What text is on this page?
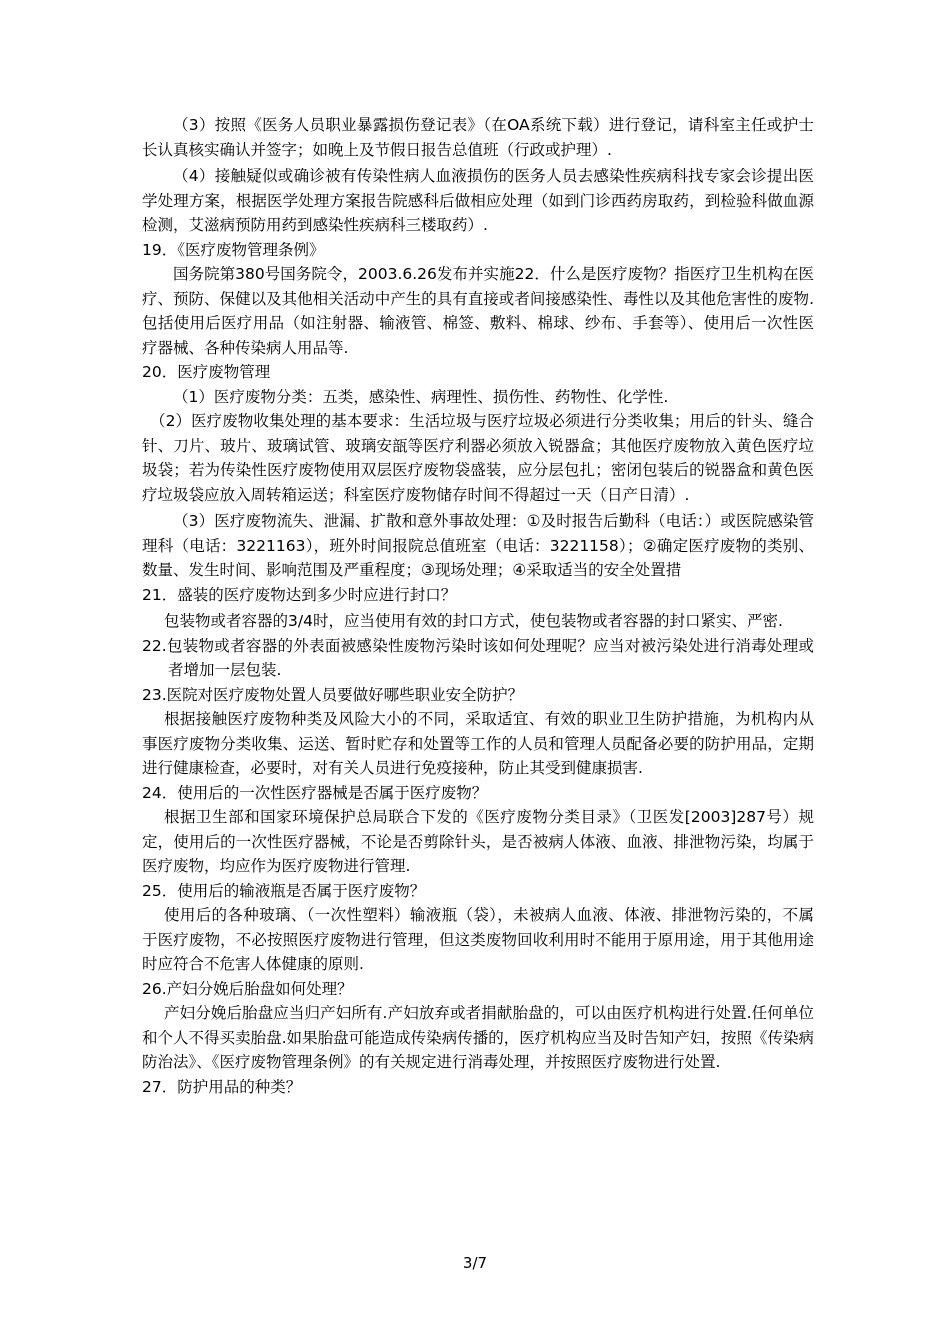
（3）按照《医务人员职业暴露损伤登记表》（在OA系统下载）进行登记，请科室主任或护士长认真核实确认并签字；如晚上及节假日报告总值班（行政或护理）.

（4）接触疑似或确诊被有传染性病人血液损伤的医务人员去感染性疾病科找专家会诊提出医学处理方案，根据医学处理方案报告院感科后做相应处理（如到门诊西药房取药，到检验科做血源检测，艾滋病预防用药到感染性疾病科三楼取药）.

19．《医疗废物管理条例》

国务院第380号国务院令，2003.6.26发布并实施22．什么是医疗废物？指医疗卫生机构在医疗、预防、保健以及其他相关活动中产生的具有直接或者间接感染性、毒性以及其他危害性的废物.包括使用后医疗用品（如注射器、输液管、棉签、敷料、棉球、纱布、手套等）、使用后一次性医疗器械、各种传染病人用品等.

20．医疗废物管理

（1）医疗废物分类：五类，感染性、病理性、损伤性、药物性、化学性.

（2）医疗废物收集处理的基本要求：生活垃圾与医疗垃圾必须进行分类收集；用后的针头、缝合针、刀片、玻片、玻璃试管、玻璃安瓿等医疗利器必须放入锐器盒；其他医疗废物放入黄色医疗垃圾袋；若为传染性医疗废物使用双层医疗废物袋盛装，应分层包扎；密闭包装后的锐器盒和黄色医疗垃圾袋应放入周转箱运送；科室医疗废物储存时间不得超过一天（日产日清）.

（3）医疗废物流失、泄漏、扩散和意外事故处理：①及时报告后勤科（电话：）或医院感染管理科（电话：3221163），班外时间报院总值班室（电话：3221158）；②确定医疗废物的类别、数量、发生时间、影响范围及严重程度；③现场处理；④采取适当的安全处置措

21．盛装的医疗废物达到多少时应进行封口？

包装物或者容器的3/4时，应当使用有效的封口方式，使包装物或者容器的封口紧实、严密.

22.包装物或者容器的外表面被感染性废物污染时该如何处理呢？应当对被污染处进行消毒处理或者增加一层包装.

23.医院对医疗废物处置人员要做好哪些职业安全防护？

根据接触医疗废物种类及风险大小的不同，采取适宜、有效的职业卫生防护措施，为机构内从事医疗废物分类收集、运送、暂时贮存和处置等工作的人员和管理人员配备必要的防护用品，定期进行健康检查，必要时，对有关人员进行免疫接种，防止其受到健康损害.

24．使用后的一次性医疗器械是否属于医疗废物？

根据卫生部和国家环境保护总局联合下发的《医疗废物分类目录》（卫医发[2003]287号）规定，使用后的一次性医疗器械，不论是否剪除针头，是否被病人体液、血液、排泄物污染，均属于医疗废物，均应作为医疗废物进行管理.

25．使用后的输液瓶是否属于医疗废物？

使用后的各种玻璃、（一次性塑料）输液瓶（袋），未被病人血液、体液、排泄物污染的，不属于医疗废物，不必按照医疗废物进行管理，但这类废物回收利用时不能用于原用途，用于其他用途时应符合不危害人体健康的原则.

26.产妇分娩后胎盘如何处理？

产妇分娩后胎盘应当归产妇所有.产妇放弃或者捐献胎盘的，可以由医疗机构进行处置.任何单位和个人不得买卖胎盘.如果胎盘可能造成传染病传播的，医疗机构应当及时告知产妇，按照《传染病防治法》、《医疗废物管理条例》的有关规定进行消毒处理，并按照医疗废物进行处置.

27．防护用品的种类？

3/7
